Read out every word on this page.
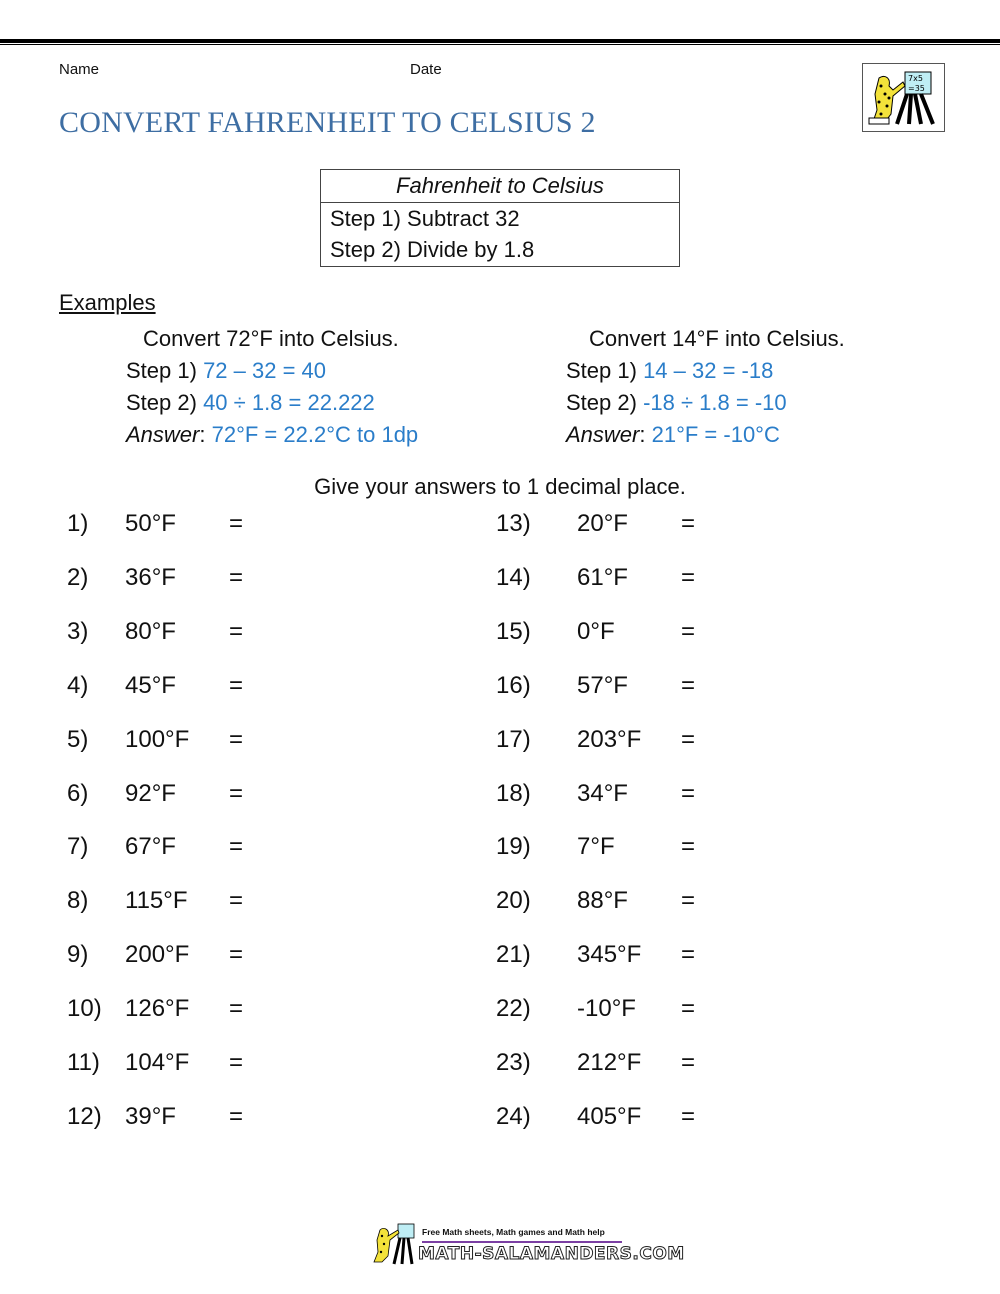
Name	Date
CONVERT FAHRENHEIT TO CELSIUS 2
7x5
=35
Fahrenheit to Celsius
Step 1) Subtract 32
Step 2) Divide by 1.8
Examples
Convert 72°F into Celsius.
Step 1) 72 – 32 = 40
Step 2) 40 ÷ 1.8 = 22.222
Answer: 72°F = 22.2°C to 1dp
Convert 14°F into Celsius.
Step 1) 14 – 32 = -18
Step 2) -18 ÷ 1.8 = -10
Answer: 21°F = -10°C
Give your answers to 1 decimal place.
1) 50°F =
2) 36°F =
3) 80°F =
4) 45°F =
5) 100°F =
6) 92°F =
7) 67°F =
8) 115°F =
9) 200°F =
10) 126°F =
11) 104°F =
12) 39°F =
13) 20°F =
14) 61°F =
15) 0°F	=
16) 57°F =
17) 203°F =
18) 34°F =
19) 7°F	=
20) 88°F =
21) 345°F =
22) -10°F =
23) 212°F =
24) 405°F =
Free Math sheets, Math games and Math help
MATH-SALAMANDERS.COM
